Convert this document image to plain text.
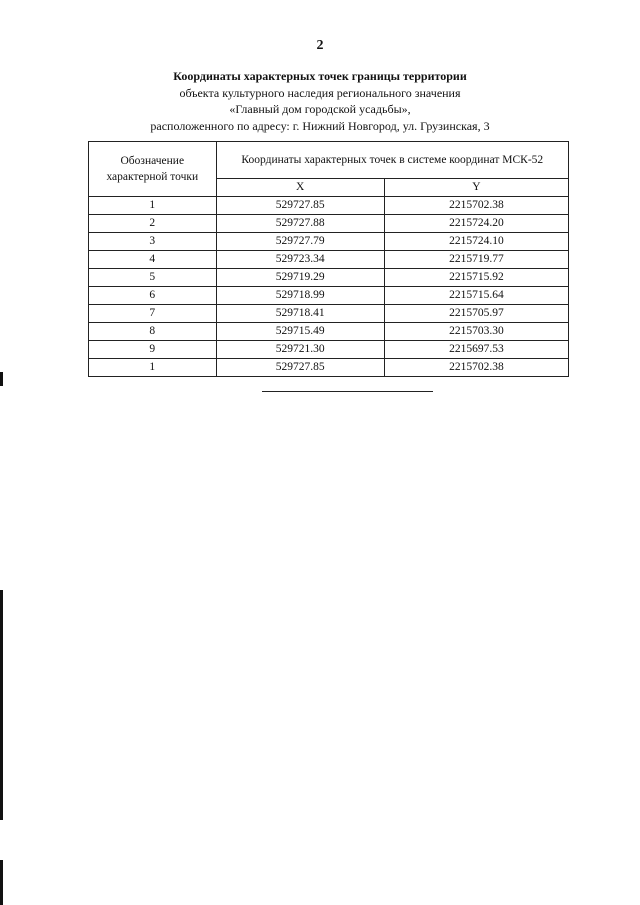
2
Координаты характерных точек границы территории
объекта культурного наследия регионального значения
«Главный дом городской усадьбы»,
расположенного по адресу: г. Нижний Новгород, ул. Грузинская, 3
Обозначение характерной точки	Координаты характерных точек в системе координат МСК-52	
	X	Y
1	529727.85	2215702.38
2	529727.88	2215724.20
3	529727.79	2215724.10
4	529723.34	2215719.77
5	529719.29	2215715.92
6	529718.99	2215715.64
7	529718.41	2215705.97
8	529715.49	2215703.30
9	529721.30	2215697.53
1	529727.85	2215702.38
